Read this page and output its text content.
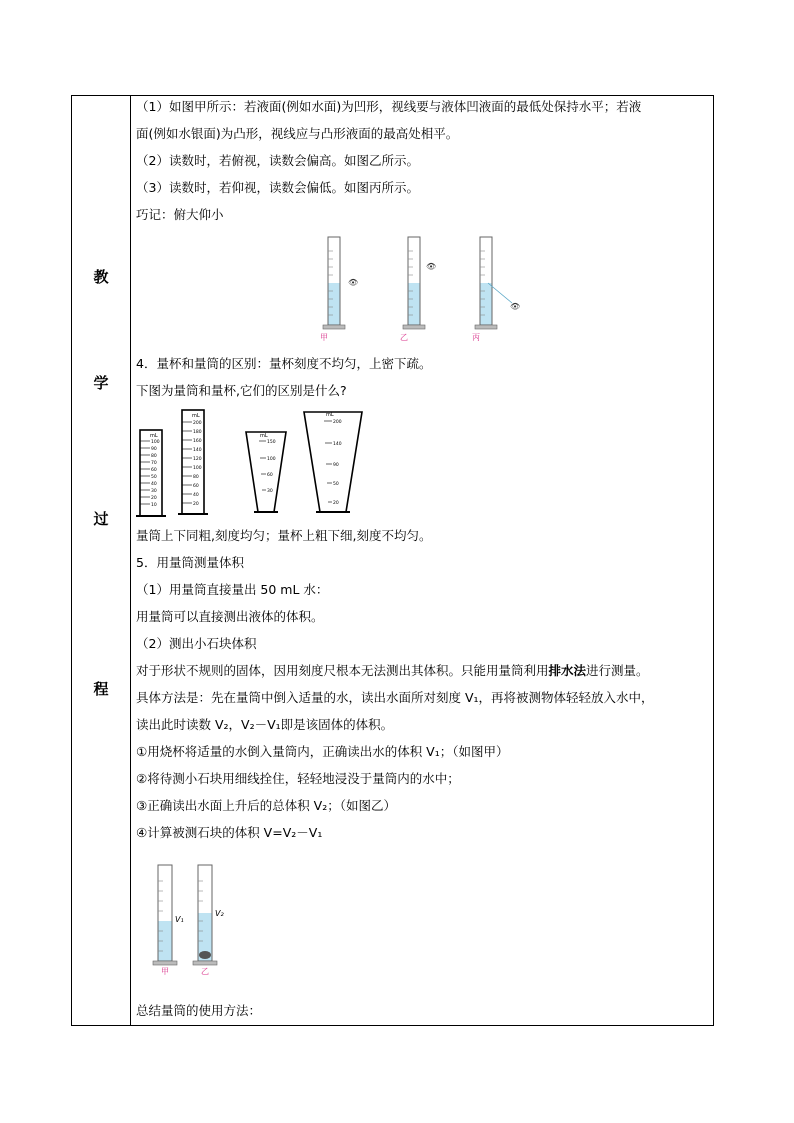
教
学
过
程
（1）如图甲所示：若液面(例如水面)为凹形，视线要与液体凹液面的最低处保持水平；若液
面(例如水银面)为凸形，视线应与凸形液面的最高处相平。
（2）读数时，若俯视，读数会偏高。如图乙所示。
（3）读数时，若仰视，读数会偏低。如图丙所示。
巧记：俯大仰小
👁
👁
👁
甲	乙	丙
4．量杯和量筒的区别：量杯刻度不均匀，上密下疏。
下图为量筒和量杯,它们的区别是什么?
mL
100
90
80
70
60
50
40
30
20
10
mL
200
180
160
140
120
100
80
60
40
20
mL
150
100
60
30
mL
200
140
90
50
20
量筒上下同粗,刻度均匀；量杯上粗下细,刻度不均匀。
5．用量筒测量体积
（1）用量筒直接量出 50 mL 水：
用量筒可以直接测出液体的体积。
（2）测出小石块体积
对于形状不规则的固体，因用刻度尺根本无法测出其体积。只能用量筒利用排水法进行测量。
具体方法是：先在量筒中倒入适量的水，读出水面所对刻度 V₁，再将被测物体轻轻放入水中，
读出此时读数 V₂，V₂－V₁即是该固体的体积。
①用烧杯将适量的水倒入量筒内，正确读出水的体积 V₁；（如图甲）
②将待测小石块用细线拴住，轻轻地浸没于量筒内的水中；
③正确读出水面上升后的总体积 V₂；（如图乙）
④计算被测石块的体积 V=V₂－V₁
V₁
V₂
甲	乙
总结量筒的使用方法：
